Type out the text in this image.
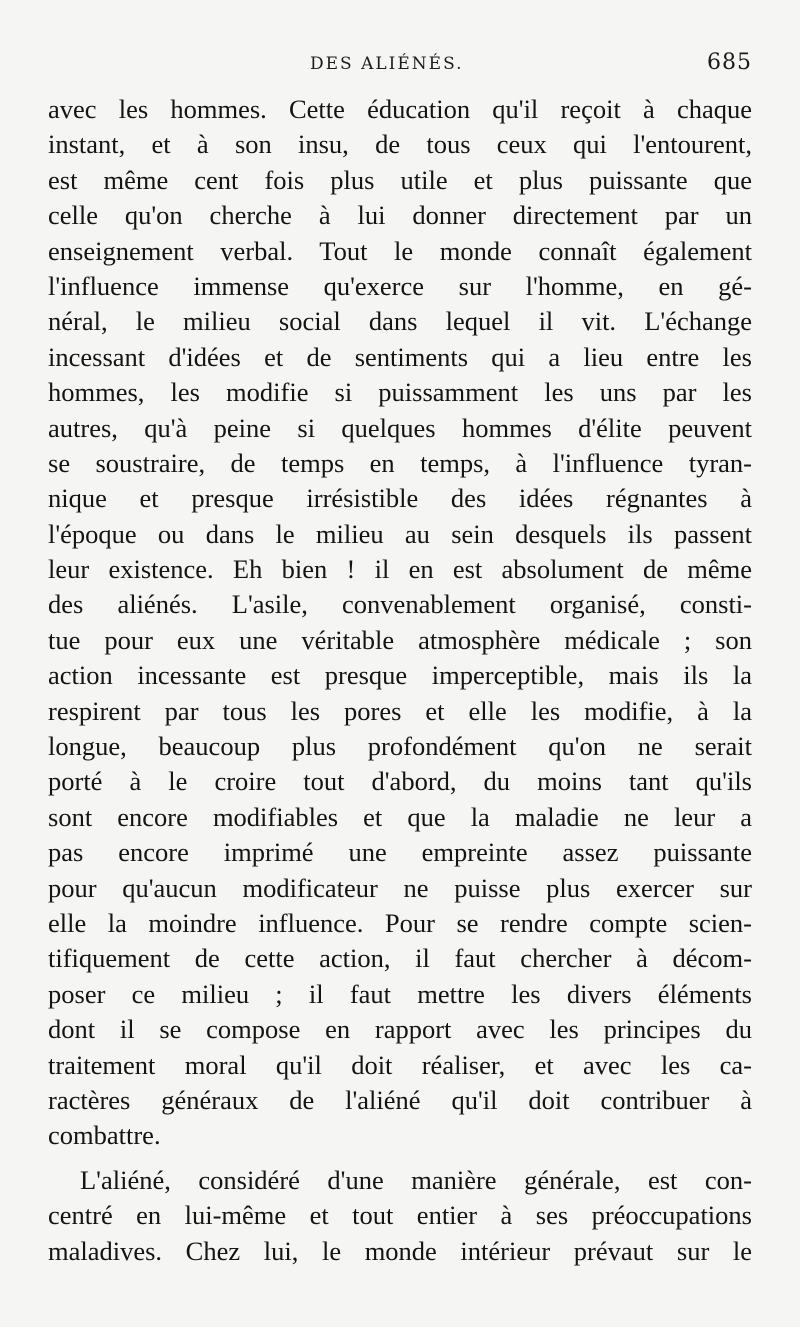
DES ALIÉNÉS.	685
avec les hommes. Cette éducation qu'il reçoit à chaque
instant, et à son insu, de tous ceux qui l'entourent,
est même cent fois plus utile et plus puissante que
celle qu'on cherche à lui donner directement par un
enseignement verbal. Tout le monde connaît également
l'influence immense qu'exerce sur l'homme, en gé-
néral, le milieu social dans lequel il vit. L'échange
incessant d'idées et de sentiments qui a lieu entre les
hommes, les modifie si puissamment les uns par les
autres, qu'à peine si quelques hommes d'élite peuvent
se soustraire, de temps en temps, à l'influence tyran-
nique et presque irrésistible des idées régnantes à
l'époque ou dans le milieu au sein desquels ils passent
leur existence. Eh bien ! il en est absolument de même
des aliénés. L'asile, convenablement organisé, consti-
tue pour eux une véritable atmosphère médicale ; son
action incessante est presque imperceptible, mais ils la
respirent par tous les pores et elle les modifie, à la
longue, beaucoup plus profondément qu'on ne serait
porté à le croire tout d'abord, du moins tant qu'ils
sont encore modifiables et que la maladie ne leur a
pas encore imprimé une empreinte assez puissante
pour qu'aucun modificateur ne puisse plus exercer sur
elle la moindre influence. Pour se rendre compte scien-
tifiquement de cette action, il faut chercher à décom-
poser ce milieu ; il faut mettre les divers éléments
dont il se compose en rapport avec les principes du
traitement moral qu'il doit réaliser, et avec les ca-
ractères généraux de l'aliéné qu'il doit contribuer à
combattre.
L'aliéné, considéré d'une manière générale, est con-
centré en lui-même et tout entier à ses préoccupations
maladives. Chez lui, le monde intérieur prévaut sur le
